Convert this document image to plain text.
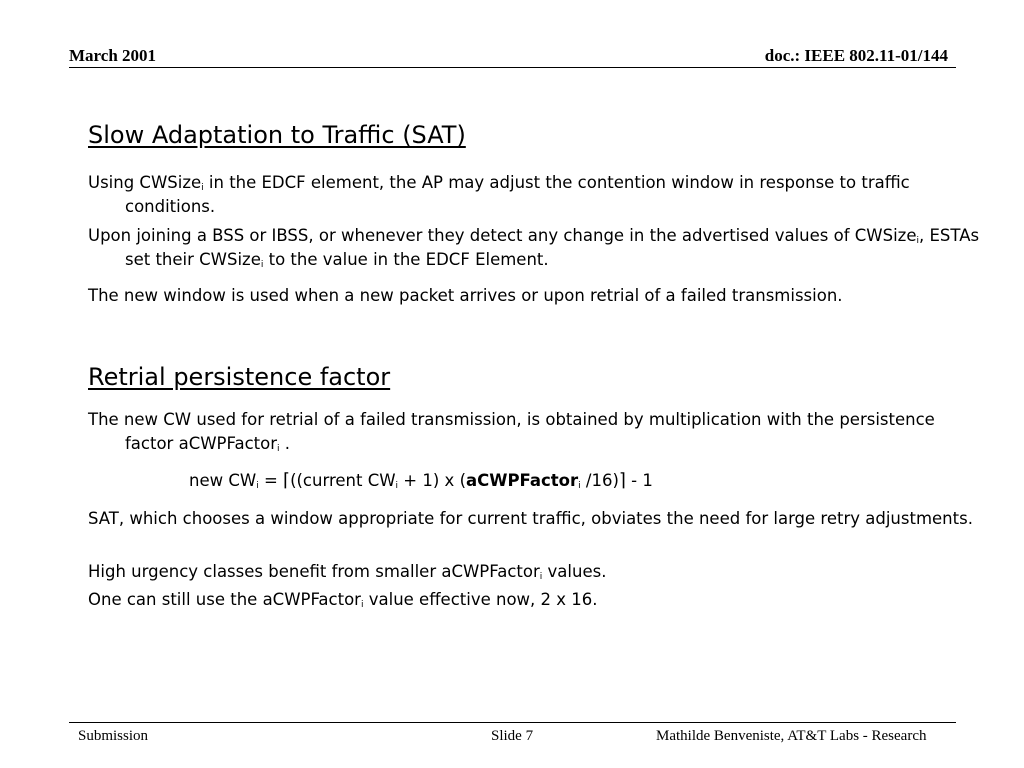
March 2001	doc.: IEEE 802.11-01/144
Slow Adaptation to Traffic (SAT)
Using CWSize$_i$ in the EDCF element, the AP may adjust the contention window in response to traffic conditions.
Upon joining a BSS or IBSS, or whenever they detect any change in the advertised values of CWSize$_i$, ESTAs set their CWSize$_i$ to the value in the EDCF Element.
The new window is used when a new packet arrives or upon retrial of a failed transmission.
Retrial persistence factor
The new CW used for retrial of a failed transmission, is obtained by multiplication with the persistence factor aCWPFactor$_i$ .
new $CW_i$ = ⌈((current $CW_i + 1$) x (aCWPFactor$_i$ /16)⌉ - 1
SAT, which chooses a window appropriate for current traffic, obviates the need for large retry adjustments.
High urgency classes benefit from smaller aCWPFactor$_i$ values.
One can still use the aCWPFactor$_i$ value effective now, 2 x 16.
Submission	Slide 7	Mathilde Benveniste, AT&T Labs - Research
